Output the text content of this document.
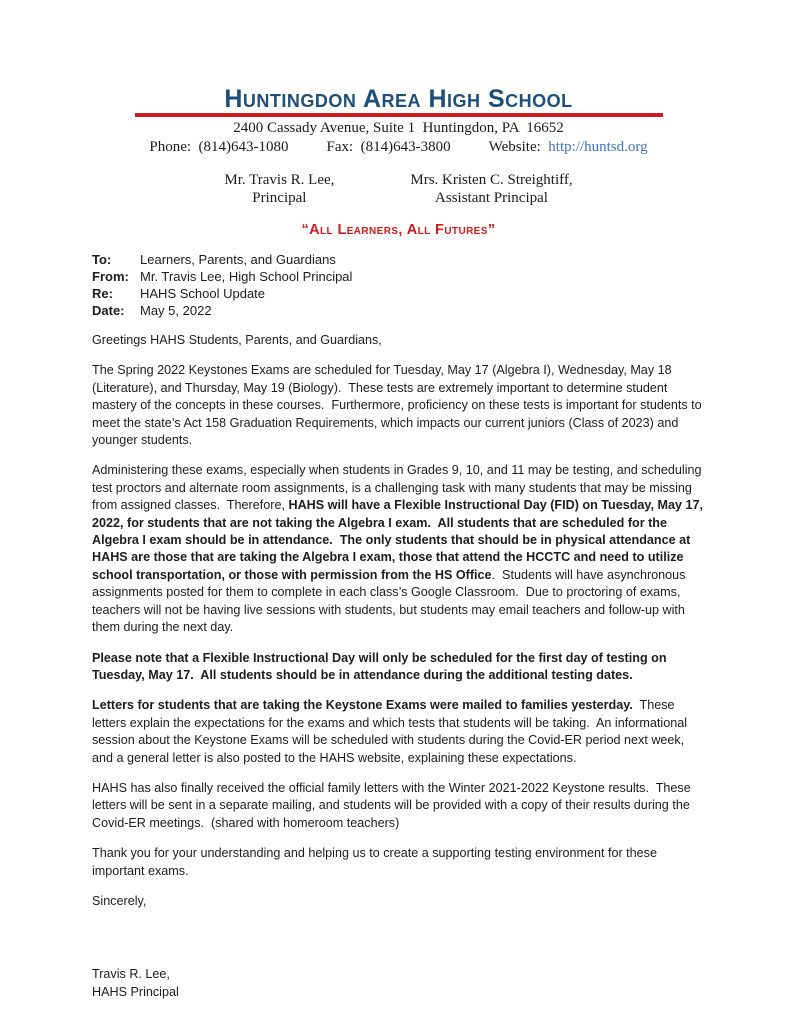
Huntingdon Area High School
2400 Cassady Avenue, Suite 1  Huntingdon, PA  16652
Phone:  (814)643-1080	Fax:  (814)643-3800	Website:  http://huntsd.org
Mr. Travis R. Lee,
Principal
Mrs. Kristen C. Streightiff,
Assistant Principal
“All Learners, All Futures”
To:	Learners, Parents, and Guardians
From: Mr. Travis Lee, High School Principal
Re:	HAHS School Update
Date:	May 5, 2022

Greetings HAHS Students, Parents, and Guardians,

The Spring 2022 Keystones Exams are scheduled for Tuesday, May 17 (Algebra I), Wednesday, May 18 (Literature), and Thursday, May 19 (Biology).  These tests are extremely important to determine student mastery of the concepts in these courses.  Furthermore, proficiency on these tests is important for students to meet the state’s Act 158 Graduation Requirements, which impacts our current juniors (Class of 2023) and younger students.

Administering these exams, especially when students in Grades 9, 10, and 11 may be testing, and scheduling test proctors and alternate room assignments, is a challenging task with many students that may be missing from assigned classes.  Therefore, HAHS will have a Flexible Instructional Day (FID) on Tuesday, May 17, 2022, for students that are not taking the Algebra I exam.  All students that are scheduled for the Algebra I exam should be in attendance.  The only students that should be in physical attendance at HAHS are those that are taking the Algebra I exam, those that attend the HCCTC and need to utilize school transportation, or those with permission from the HS Office.  Students will have asynchronous assignments posted for them to complete in each class’s Google Classroom.  Due to proctoring of exams, teachers will not be having live sessions with students, but students may email teachers and follow-up with them during the next day.

Please note that a Flexible Instructional Day will only be scheduled for the first day of testing on Tuesday, May 17.  All students should be in attendance during the additional testing dates.

Letters for students that are taking the Keystone Exams were mailed to families yesterday.  These letters explain the expectations for the exams and which tests that students will be taking.  An informational session about the Keystone Exams will be scheduled with students during the Covid-ER period next week, and a general letter is also posted to the HAHS website, explaining these expectations.

HAHS has also finally received the official family letters with the Winter 2021-2022 Keystone results.  These letters will be sent in a separate mailing, and students will be provided with a copy of their results during the Covid-ER meetings.  (shared with homeroom teachers)

Thank you for your understanding and helping us to create a supporting testing environment for these important exams.

Sincerely,

Travis R. Lee,

HAHS Principal
